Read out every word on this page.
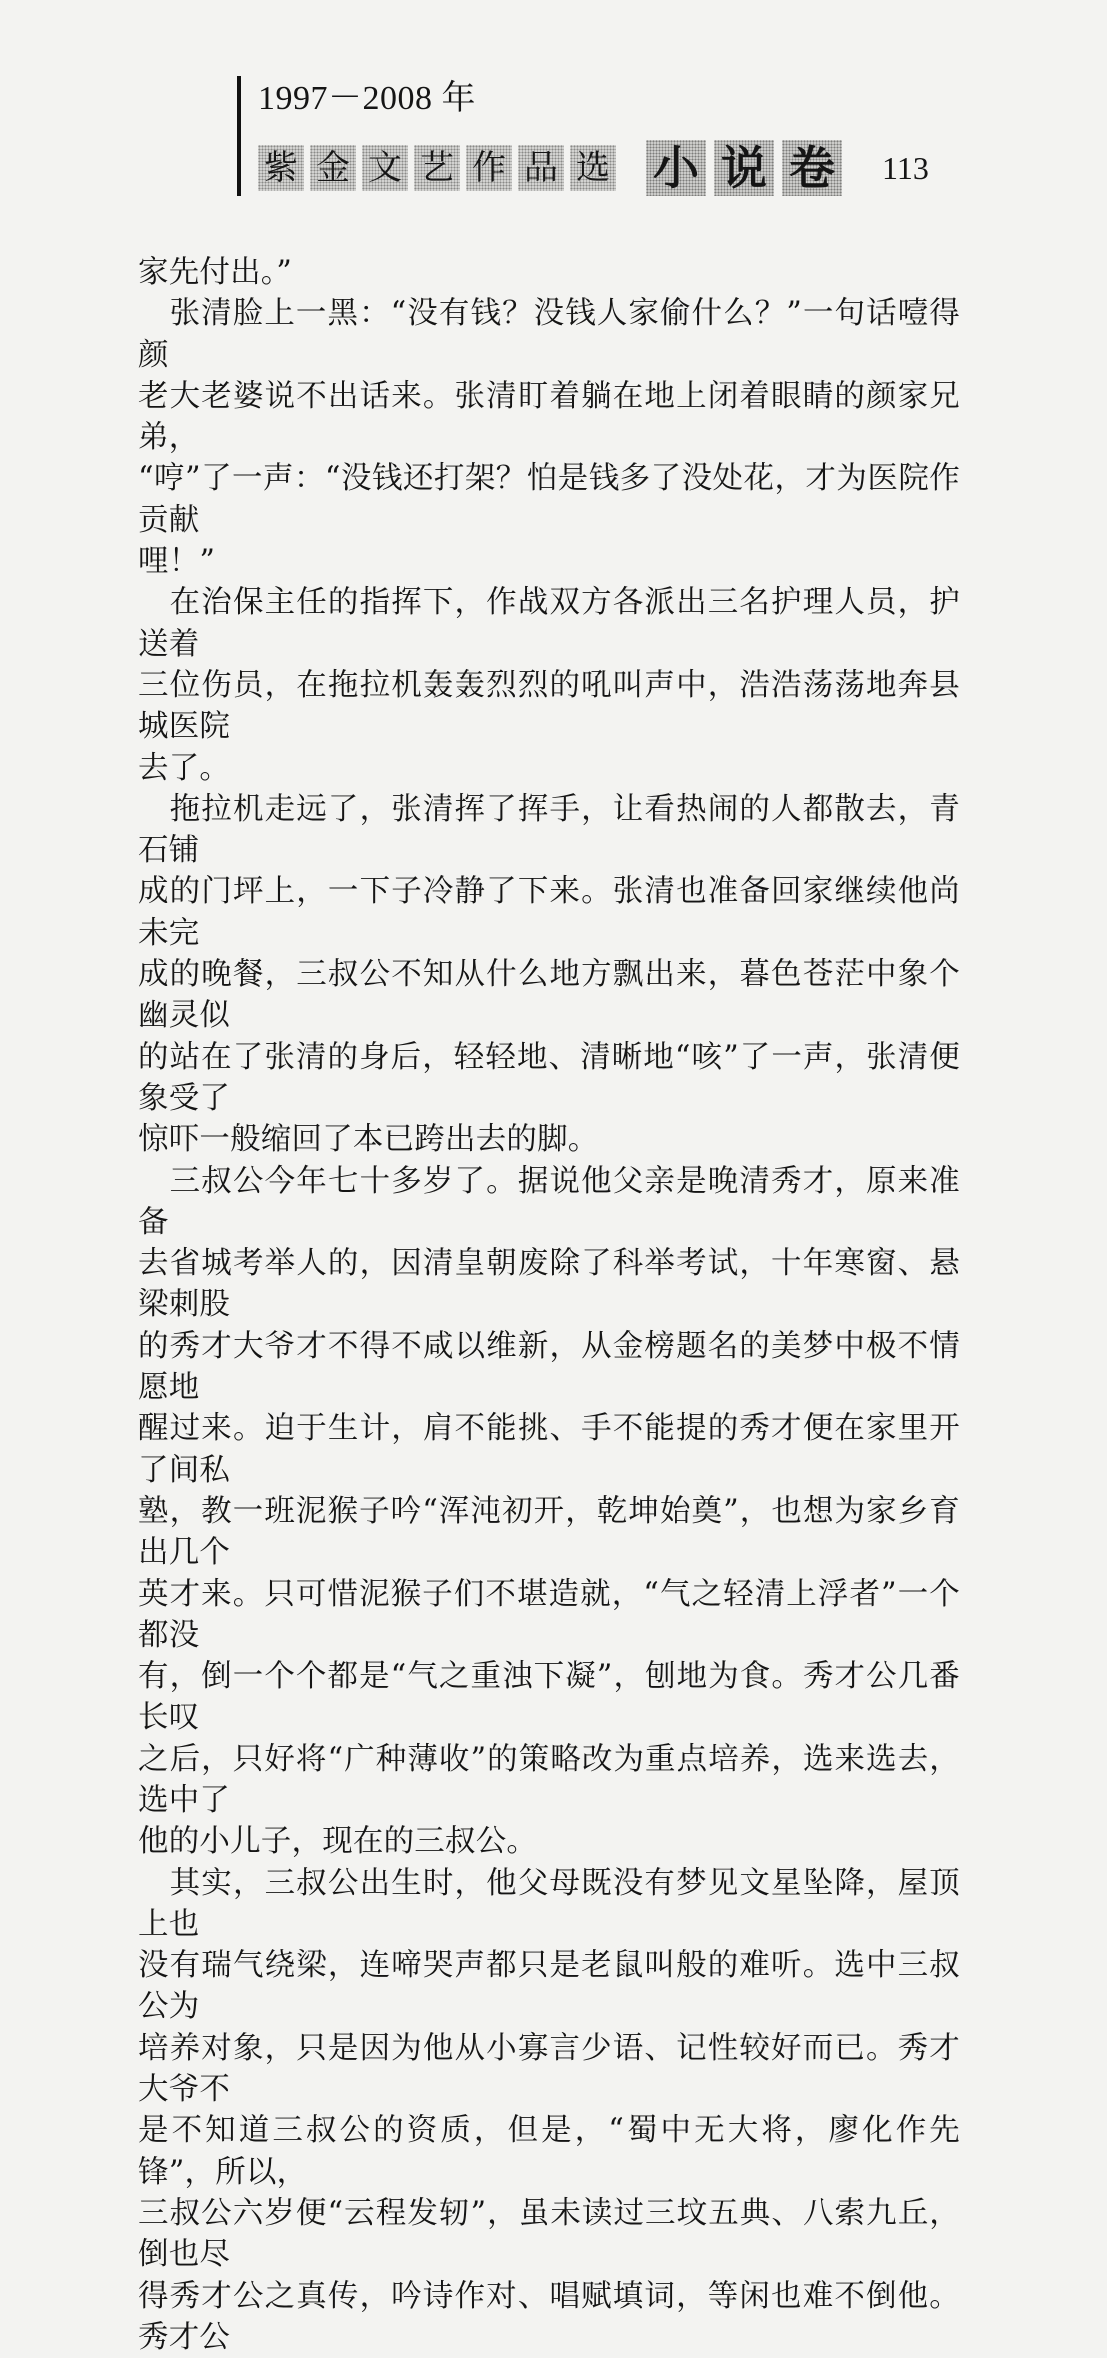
1997－2008 年
紫 金 文 艺 作 品 选 小 说 卷 113

家先付出。”

　张清脸上一黑：“没有钱？没钱人家偷什么？”一句话噎得颜

老大老婆说不出话来。张清盯着躺在地上闭着眼睛的颜家兄弟，

“哼”了一声：“没钱还打架？怕是钱多了没处花，才为医院作贡献

哩！”

　在治保主任的指挥下，作战双方各派出三名护理人员，护送着

三位伤员，在拖拉机轰轰烈烈的吼叫声中，浩浩荡荡地奔县城医院

去了。

　拖拉机走远了，张清挥了挥手，让看热闹的人都散去，青石铺

成的门坪上，一下子冷静了下来。张清也准备回家继续他尚未完

成的晚餐，三叔公不知从什么地方飘出来，暮色苍茫中象个幽灵似

的站在了张清的身后，轻轻地、清晰地“咳”了一声，张清便象受了

惊吓一般缩回了本已跨出去的脚。

　三叔公今年七十多岁了。据说他父亲是晚清秀才，原来准备

去省城考举人的，因清皇朝废除了科举考试，十年寒窗、悬梁刺股

的秀才大爷才不得不咸以维新，从金榜题名的美梦中极不情愿地

醒过来。迫于生计，肩不能挑、手不能提的秀才便在家里开了间私

塾，教一班泥猴子吟“浑沌初开，乾坤始奠”，也想为家乡育出几个

英才来。只可惜泥猴子们不堪造就，“气之轻清上浮者”一个都没

有，倒一个个都是“气之重浊下凝”，刨地为食。秀才公几番长叹

之后，只好将“广种薄收”的策略改为重点培养，选来选去，选中了

他的小儿子，现在的三叔公。

　其实，三叔公出生时，他父母既没有梦见文星坠降，屋顶上也

没有瑞气绕梁，连啼哭声都只是老鼠叫般的难听。选中三叔公为

培养对象，只是因为他从小寡言少语、记性较好而已。秀才大爷不

是不知道三叔公的资质，但是，“蜀中无大将，廖化作先锋”，所以，

三叔公六岁便“云程发轫”，虽未读过三坟五典、八索九丘，倒也尽

得秀才公之真传，吟诗作对、唱赋填词，等闲也难不倒他。秀才公
